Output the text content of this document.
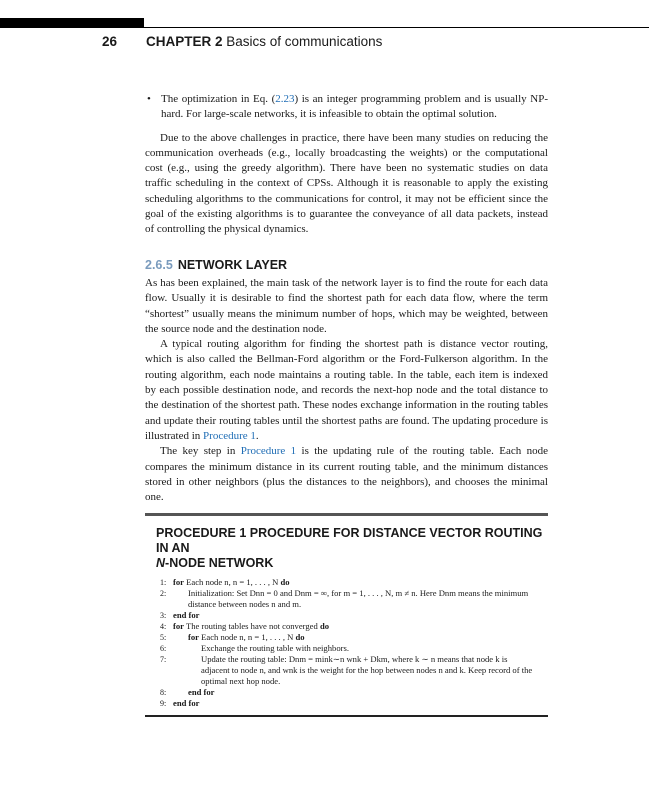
26 CHAPTER 2 Basics of communications
• The optimization in Eq. (2.23) is an integer programming problem and is usually NP-hard. For large-scale networks, it is infeasible to obtain the optimal solution.

Due to the above challenges in practice, there have been many studies on reducing the communication overheads (e.g., locally broadcasting the weights) or the computational cost (e.g., using the greedy algorithm). There have been no systematic studies on data traffic scheduling in the context of CPSs. Although it is reasonable to apply the existing scheduling algorithms to the communications for control, it may not be efficient since the goal of the existing algorithms is to guarantee the conveyance of all data packets, instead of controlling the physical dynamics.

2.6.5 NETWORK LAYER

As has been explained, the main task of the network layer is to find the route for each data flow. Usually it is desirable to find the shortest path for each data flow, where the term “shortest” usually means the minimum number of hops, which may be weighted, between the source node and the destination node.

A typical routing algorithm for finding the shortest path is distance vector routing, which is also called the Bellman-Ford algorithm or the Ford-Fulkerson algorithm. In the routing algorithm, each node maintains a routing table. In the table, each item is indexed by each possible destination node, and records the next-hop node and the total distance to the destination of the shortest path. These nodes exchange information in the routing tables and update their routing tables until the shortest paths are found. The updating procedure is illustrated in Procedure 1.

The key step in Procedure 1 is the updating rule of the routing table. Each node compares the minimum distance in its current routing table, and the minimum distances stored in other neighbors (plus the distances to the neighbors), and chooses the minimal one.

PROCEDURE 1 PROCEDURE FOR DISTANCE VECTOR ROUTING IN AN
N-NODE NETWORK
1: for Each node n, n = 1, . . . , N do
2:	Initialization: Set Dnn = 0 and Dnm = ∞, for m = 1, . . . , N, m ≠ n. Here Dnm means the minimum distance between nodes n and m.
3: end for
4: for The routing tables have not converged do
5:	for Each node n, n = 1, . . . , N do
6:	Exchange the routing table with neighbors.
7:	Update the routing table: Dnm = mink∼n wnk + Dkm, where k ∼ n means that node k is adjacent to node n, and wnk is the weight for the hop between nodes n and k. Keep record of the optimal next hop node.
8:	end for
9: end for
